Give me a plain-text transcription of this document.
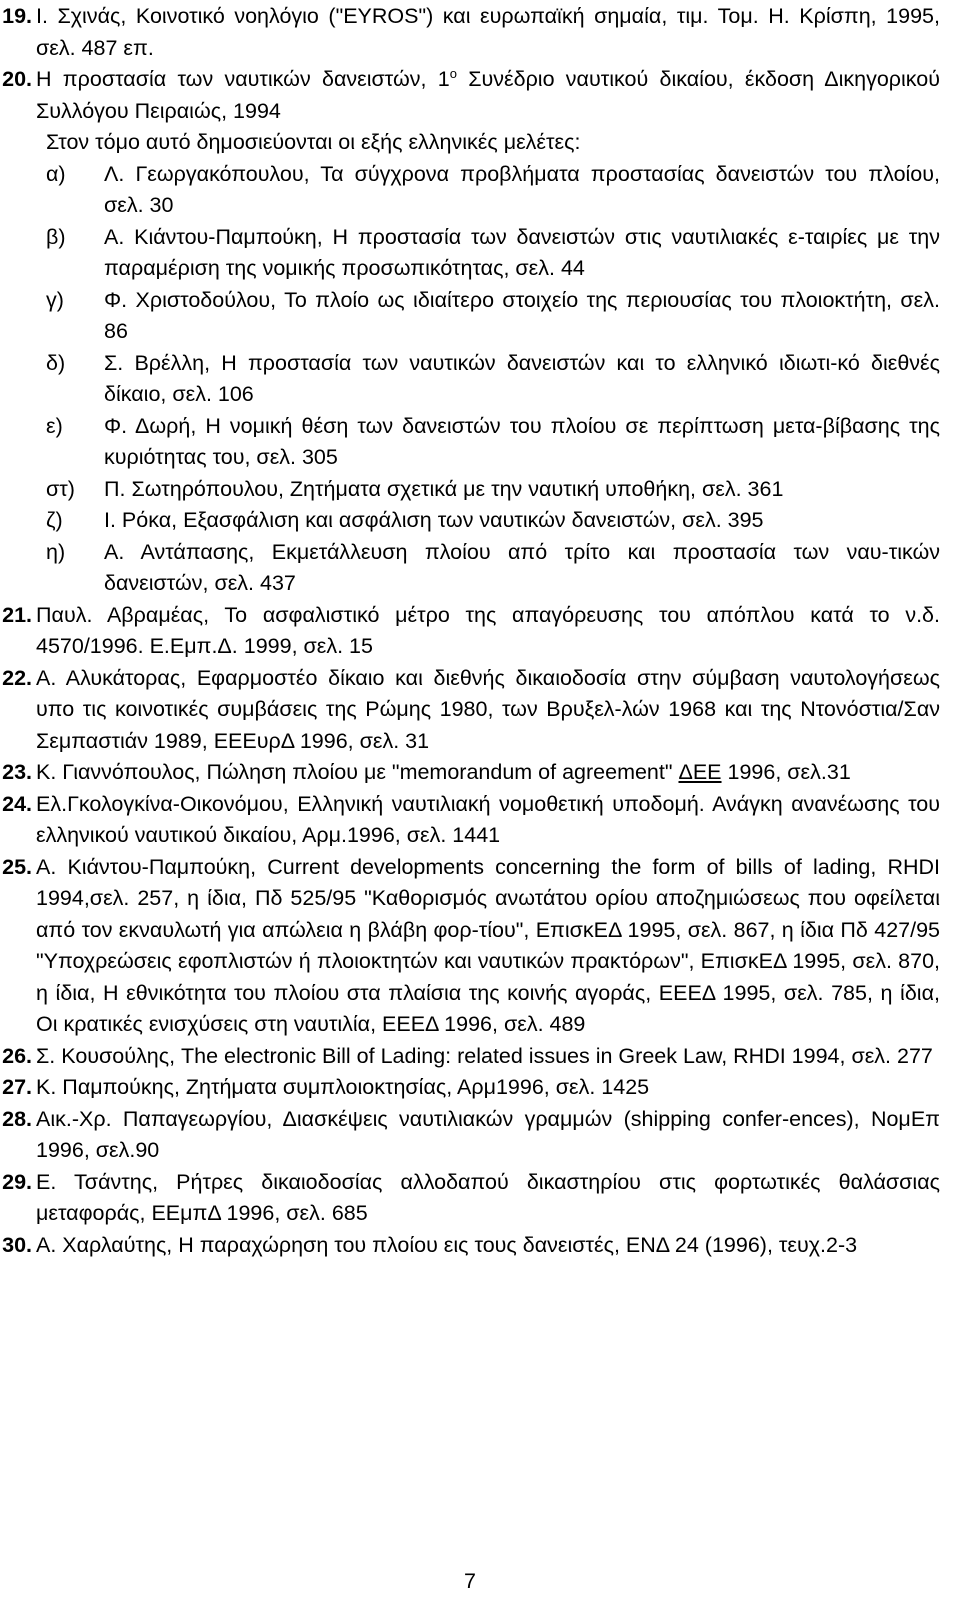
19. Ι. Σχινάς, Κοινοτικό νοηλόγιο ("EYROS") και ευρωπαϊκή σημαία, τιμ. Τομ. Η. Κρίσπη, 1995, σελ. 487 επ.
20. Η προστασία των ναυτικών δανειστών, $1^o$ Συνέδριο ναυτικού δικαίου, έκδοση Δικηγορικού Συλλόγου Πειραιώς, 1994
Στον τόμο αυτό δημοσιεύονται οι εξής ελληνικές μελέτες:
α)	Λ. Γεωργακόπουλου, Τα σύγχρονα προβλήματα προστασίας δανειστών του πλοίου, σελ. 30
β)	Α. Κιάντου-Παμπούκη, Η προστασία των δανειστών στις ναυτιλιακές ε-ταιρίες με την παραμέριση της νομικής προσωπικότητας, σελ. 44
γ)	Φ. Χριστοδούλου, Το πλοίο ως ιδιαίτερο στοιχείο της περιουσίας του πλοιοκτήτη, σελ. 86
δ)	Σ. Βρέλλη, Η προστασία των ναυτικών δανειστών και το ελληνικό ιδιωτι-κό διεθνές δίκαιο, σελ. 106
ε)	Φ. Δωρή, Η νομική θέση των δανειστών του πλοίου σε περίπτωση μετα-βίβασης της κυριότητας του, σελ. 305
στ)	Π. Σωτηρόπουλου, Ζητήματα σχετικά με την ναυτική υποθήκη, σελ. 361
ζ)	Ι. Ρόκα, Εξασφάλιση και ασφάλιση των ναυτικών δανειστών, σελ. 395
η)	Α. Αντάπασης, Εκμετάλλευση πλοίου από τρίτο και προστασία των ναυ-τικών δανειστών, σελ. 437
21. Παυλ. Αβραμέας, Το ασφαλιστικό μέτρο της απαγόρευσης του απόπλου κατά το ν.δ. 4570/1996. Ε.Εμπ.Δ. 1999, σελ. 15
22. Α. Αλυκάτορας, Εφαρμοστέο δίκαιο και διεθνής δικαιοδοσία στην σύμβαση ναυτολογήσεως υπο τις κοινοτικές συμβάσεις της Ρώμης 1980, των Βρυξελ-λών 1968 και της Ντονόστια/Σαν Σεμπαστιάν 1989, ΕΕΕυρΔ 1996, σελ. 31
23. Κ. Γιαννόπουλος, Πώληση πλοίου με "memorandum of agreement" ΔΕΕ 1996, σελ.31
24. Ελ.Γκολογκίνα-Οικονόμου, Ελληνική ναυτιλιακή νομοθετική υποδομή. Ανάγκη ανανέωσης του ελληνικού ναυτικού δικαίου, Αρμ.1996, σελ. 1441
25. Α. Κιάντου-Παμπούκη, Current developments concerning the form of bills of lading, RHDI 1994,σελ. 257, η ίδια, Πδ 525/95 "Καθορισμός ανωτάτου ορίου αποζημιώσεως που οφείλεται από τον εκναυλωτή για απώλεια η βλάβη φορ-τίου", ΕπισκΕΔ 1995, σελ. 867, η ίδια Πδ 427/95 "Υποχρεώσεις εφοπλιστών ή πλοιοκτητών και ναυτικών πρακτόρων", ΕπισκΕΔ 1995, σελ. 870, η ίδια, Η εθνικότητα του πλοίου στα πλαίσια της κοινής αγοράς, ΕΕΕΔ 1995, σελ. 785, η ίδια, Οι κρατικές ενισχύσεις στη ναυτιλία, ΕΕΕΔ 1996, σελ. 489
26. Σ. Κουσούλης, The electronic Bill of Lading: related issues in Greek Law, RHDI 1994, σελ. 277
27. Κ. Παμπούκης, Ζητήματα συμπλοιοκτησίας, Αρμ1996, σελ. 1425
28. Αικ.-Χρ. Παπαγεωργίου, Διασκέψεις ναυτιλιακών γραμμών (shipping confer-ences), ΝομΕπ 1996, σελ.90
29. Ε. Τσάντης, Ρήτρες δικαιοδοσίας αλλοδαπού δικαστηρίου στις φορτωτικές θαλάσσιας μεταφοράς, ΕΕμπΔ 1996, σελ. 685
30. Α. Χαρλαύτης, Η παραχώρηση του πλοίου εις τους δανειστές, ΕΝΔ 24 (1996), τευχ.2-3
7
